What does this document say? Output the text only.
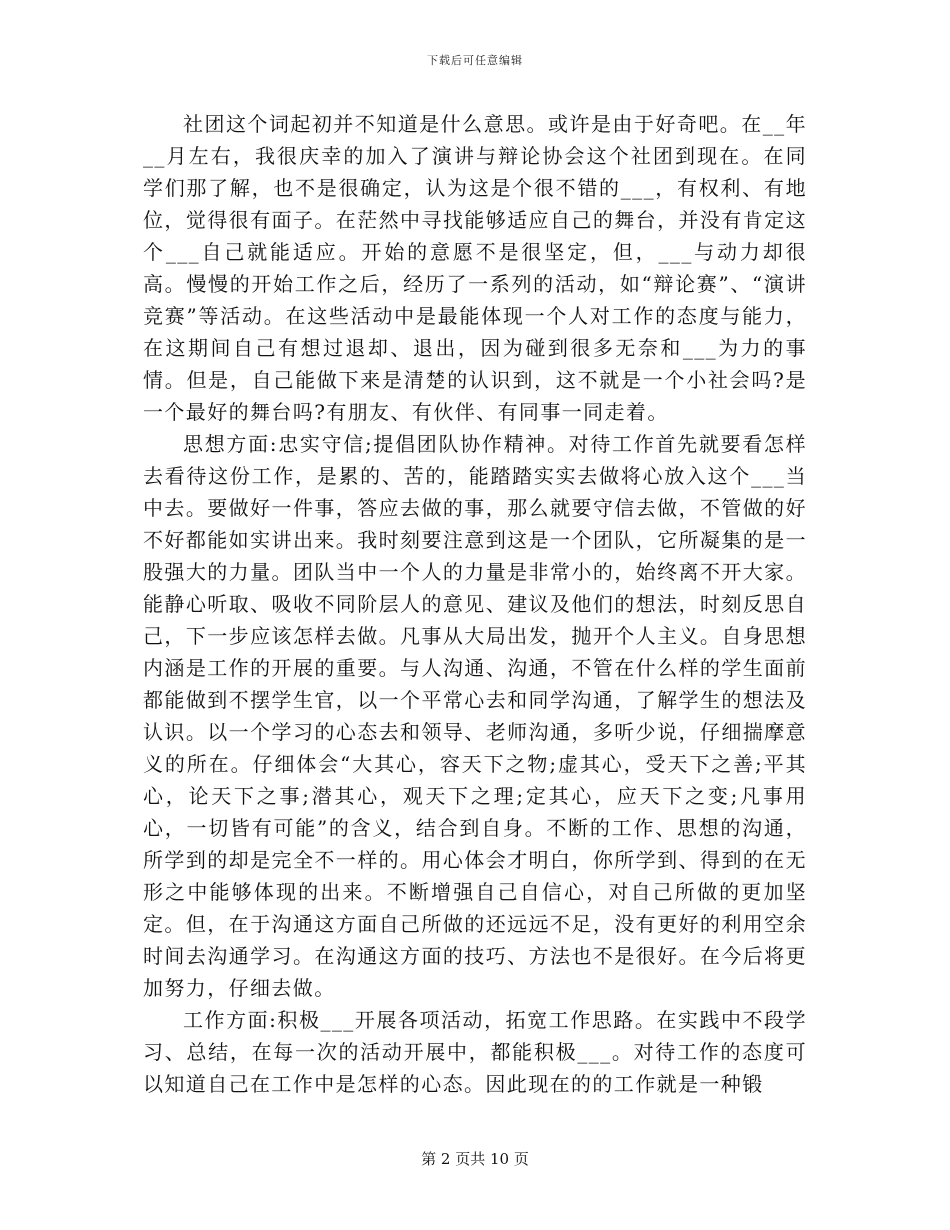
下载后可任意编辑

社团这个词起初并不知道是什么意思。或许是由于好奇吧。在__年__月左右，我很庆幸的加入了演讲与辩论协会这个社团到现在。在同学们那了解，也不是很确定，认为这是个很不错的___，有权利、有地位，觉得很有面子。在茫然中寻找能够适应自己的舞台，并没有肯定这个___自己就能适应。开始的意愿不是很坚定，但，___与动力却很高。慢慢的开始工作之后，经历了一系列的活动，如“辩论赛”、“演讲竞赛”等活动。在这些活动中是最能体现一个人对工作的态度与能力，在这期间自己有想过退却、退出，因为碰到很多无奈和___为力的事情。但是，自己能做下来是清楚的认识到，这不就是一个小社会吗?是一个最好的舞台吗?有朋友、有伙伴、有同事一同走着。

思想方面:忠实守信;提倡团队协作精神。对待工作首先就要看怎样去看待这份工作，是累的、苦的，能踏踏实实去做将心放入这个___当中去。要做好一件事，答应去做的事，那么就要守信去做，不管做的好不好都能如实讲出来。我时刻要注意到这是一个团队，它所凝集的是一股强大的力量。团队当中一个人的力量是非常小的，始终离不开大家。能静心听取、吸收不同阶层人的意见、建议及他们的想法，时刻反思自己，下一步应该怎样去做。凡事从大局出发，抛开个人主义。自身思想内涵是工作的开展的重要。与人沟通、沟通，不管在什么样的学生面前都能做到不摆学生官，以一个平常心去和同学沟通，了解学生的想法及认识。以一个学习的心态去和领导、老师沟通，多听少说，仔细揣摩意义的所在。仔细体会“大其心，容天下之物;虚其心，受天下之善;平其心，论天下之事;潜其心，观天下之理;定其心，应天下之变;凡事用心，一切皆有可能”的含义，结合到自身。不断的工作、思想的沟通，所学到的却是完全不一样的。用心体会才明白，你所学到、得到的在无形之中能够体现的出来。不断增强自己自信心，对自己所做的更加坚定。但，在于沟通这方面自己所做的还远远不足，没有更好的利用空余时间去沟通学习。在沟通这方面的技巧、方法也不是很好。在今后将更加努力，仔细去做。

工作方面:积极___开展各项活动，拓宽工作思路。在实践中不段学习、总结，在每一次的活动开展中，都能积极___。对待工作的态度可以知道自己在工作中是怎样的心态。因此现在的的工作就是一种锻

第 2 页共 10 页
